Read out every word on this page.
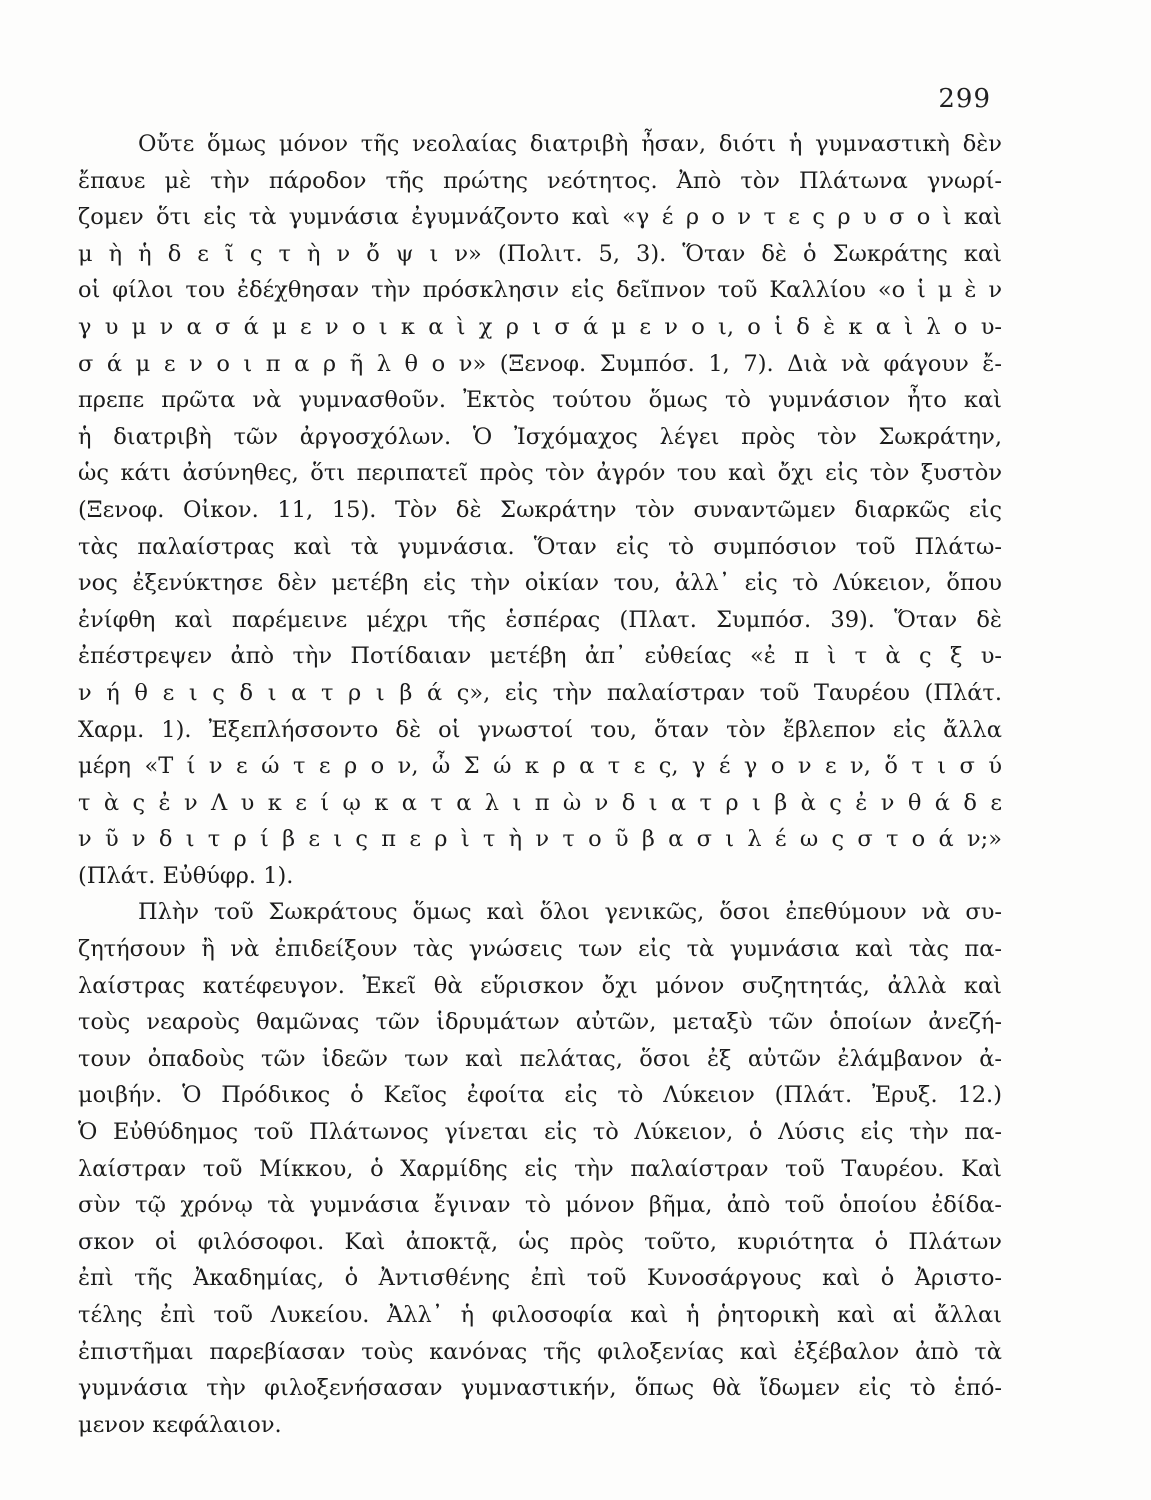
299
Οὔτε ὅμως μόνον τῆς νεολαίας διατριβὴ ἦσαν, διότι ἡ γυμναστικὴ δὲν
ἔπαυε μὲ τὴν πάροδον τῆς πρώτης νεότητος. Ἀπὸ τὸν Πλάτωνα γνωρί-
ζομεν ὅτι εἰς τὰ γυμνάσια ἐγυμνάζοντο καὶ «γ έ ρ ο ν τ ε ς ρ υ σ ο ὶ καὶ
μ ὴ ἡ δ ε ῖ ς τ ὴ ν ὄ ψ ι ν» (Πολιτ. 5, 3). Ὅταν δὲ ὁ Σωκράτης καὶ
οἱ φίλοι του ἐδέχθησαν τὴν πρόσκλησιν εἰς δεῖπνον τοῦ Καλλίου «ο ἱ μ ὲ ν
γ υ μ ν α σ ά μ ε ν ο ι κ α ὶ χ ρ ι σ ά μ ε ν ο ι, ο ἱ δ ὲ κ α ὶ λ ο υ-
σ ά μ ε ν ο ι π α ρ ῆ λ θ ο ν» (Ξενοφ. Συμπόσ. 1, 7). Διὰ νὰ φάγουν ἔ-
πρεπε πρῶτα νὰ γυμνασθοῦν. Ἐκτὸς τούτου ὅμως τὸ γυμνάσιον ἦτο καὶ
ἡ διατριβὴ τῶν ἀργοσχόλων. Ὁ Ἰσχόμαχος λέγει πρὸς τὸν Σωκράτην,
ὡς κάτι ἀσύνηθες, ὅτι περιπατεῖ πρὸς τὸν ἀγρόν του καὶ ὄχι εἰς τὸν ξυστὸν
(Ξενοφ. Οἰκον. 11, 15). Τὸν δὲ Σωκράτην τὸν συναντῶμεν διαρκῶς εἰς
τὰς παλαίστρας καὶ τὰ γυμνάσια. Ὅταν εἰς τὸ συμπόσιον τοῦ Πλάτω-
νος ἐξενύκτησε δὲν μετέβη εἰς τὴν οἰκίαν του, ἀλλ᾽ εἰς τὸ Λύκειον, ὅπου
ἐνίφθη καὶ παρέμεινε μέχρι τῆς ἑσπέρας (Πλατ. Συμπόσ. 39). Ὅταν δὲ
ἐπέστρεψεν ἀπὸ τὴν Ποτίδαιαν μετέβη ἀπ᾽ εὐθείας «ἐ π ὶ τ ὰ ς ξ υ-
ν ή θ ε ι ς δ ι α τ ρ ι β ά ς», εἰς τὴν παλαίστραν τοῦ Ταυρέου (Πλάτ.
Χαρμ. 1). Ἐξεπλήσσοντο δὲ οἱ γνωστοί του, ὅταν τὸν ἔβλεπον εἰς ἄλλα
μέρη «Τ ί ν ε ώ τ ε ρ ο ν, ὦ Σ ώ κ ρ α τ ε ς, γ έ γ ο ν ε ν, ὅ τ ι σ ύ
τ ὰ ς ἐ ν Λ υ κ ε ί ῳ κ α τ α λ ι π ὼ ν δ ι α τ ρ ι β ὰ ς ἐ ν θ ά δ ε
ν ῦ ν δ ι τ ρ ί β ε ι ς π ε ρ ὶ τ ὴ ν τ ο ῦ β α σ ι λ έ ω ς σ τ ο ά ν;»
(Πλάτ. Εὐθύφρ. 1).
Πλὴν τοῦ Σωκράτους ὅμως καὶ ὅλοι γενικῶς, ὅσοι ἐπεθύμουν νὰ συ-
ζητήσουν ἢ νὰ ἐπιδείξουν τὰς γνώσεις των εἰς τὰ γυμνάσια καὶ τὰς πα-
λαίστρας κατέφευγον. Ἐκεῖ θὰ εὕρισκον ὄχι μόνον συζητητάς, ἀλλὰ καὶ
τοὺς νεαροὺς θαμῶνας τῶν ἱδρυμάτων αὐτῶν, μεταξὺ τῶν ὁποίων ἀνεζή-
τουν ὀπαδοὺς τῶν ἰδεῶν των καὶ πελάτας, ὅσοι ἐξ αὐτῶν ἐλάμβανον ἀ-
μοιβήν. Ὁ Πρόδικος ὁ Κεῖος ἐφοίτα εἰς τὸ Λύκειον (Πλάτ. Ἐρυξ. 12.)
Ὁ Εὐθύδημος τοῦ Πλάτωνος γίνεται εἰς τὸ Λύκειον, ὁ Λύσις εἰς τὴν πα-
λαίστραν τοῦ Μίκκου, ὁ Χαρμίδης εἰς τὴν παλαίστραν τοῦ Ταυρέου. Καὶ
σὺν τῷ χρόνῳ τὰ γυμνάσια ἔγιναν τὸ μόνον βῆμα, ἀπὸ τοῦ ὁποίου ἐδίδα-
σκον οἱ φιλόσοφοι. Καὶ ἀποκτᾷ, ὡς πρὸς τοῦτο, κυριότητα ὁ Πλάτων
ἐπὶ τῆς Ἀκαδημίας, ὁ Ἀντισθένης ἐπὶ τοῦ Κυνοσάργους καὶ ὁ Ἀριστο-
τέλης ἐπὶ τοῦ Λυκείου. Ἀλλ᾽ ἡ φιλοσοφία καὶ ἡ ῥητορικὴ καὶ αἱ ἄλλαι
ἐπιστῆμαι παρεβίασαν τοὺς κανόνας τῆς φιλοξενίας καὶ ἐξέβαλον ἀπὸ τὰ
γυμνάσια τὴν φιλοξενήσασαν γυμναστικήν, ὅπως θὰ ἴδωμεν εἰς τὸ ἑπό-
μενον κεφάλαιον.
